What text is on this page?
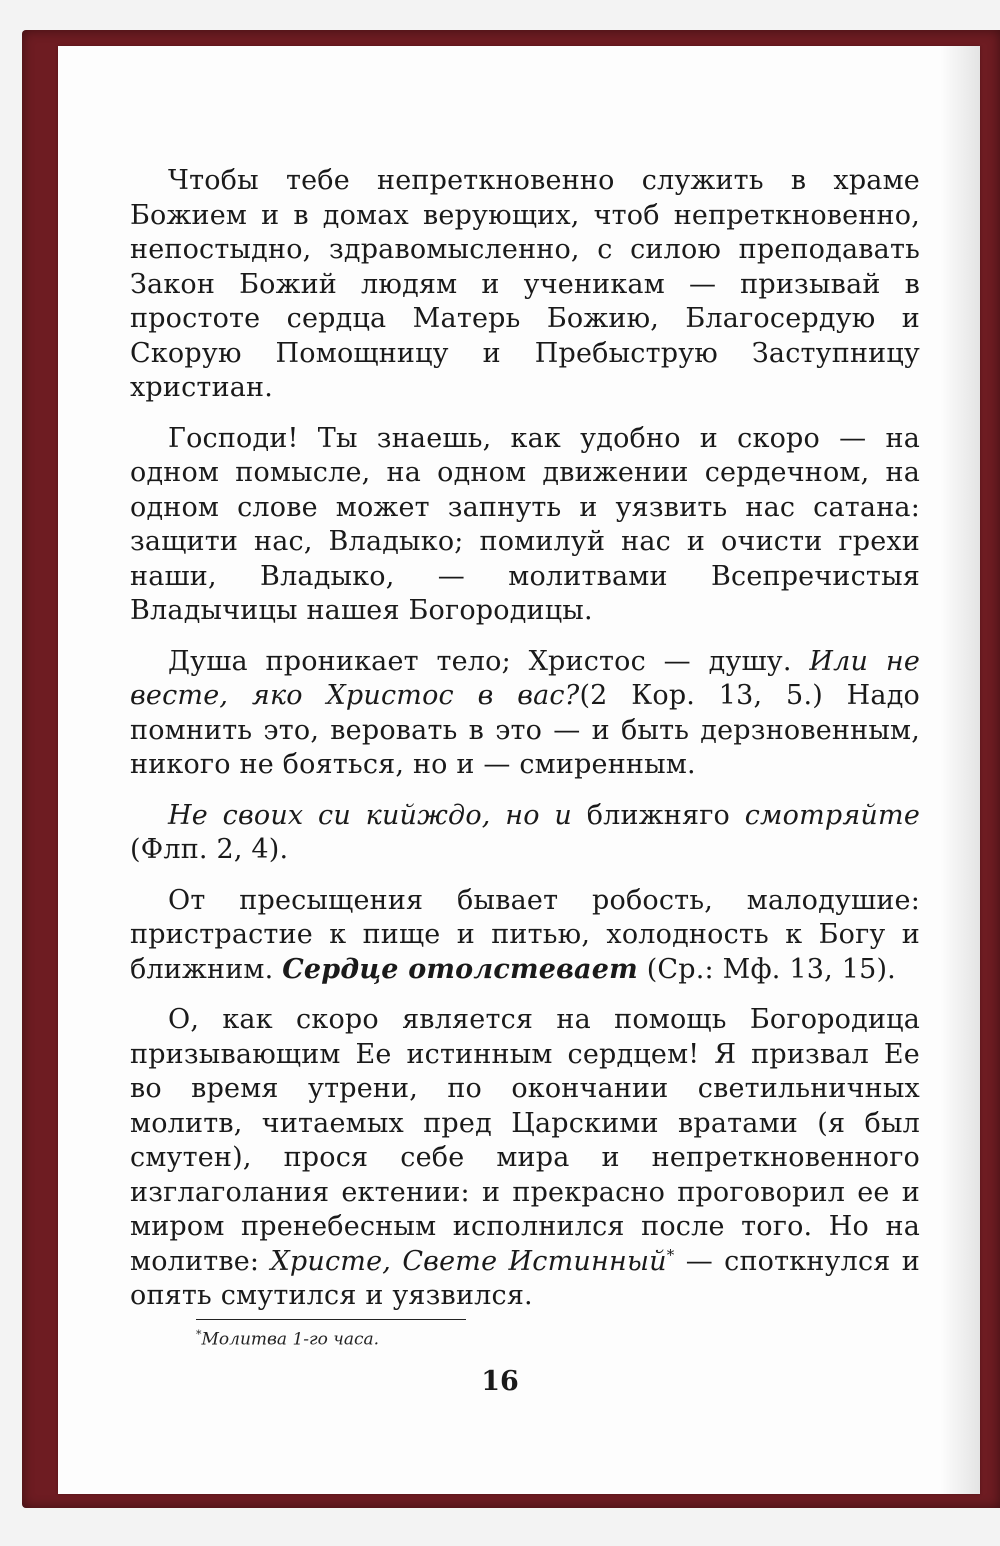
Чтобы тебе непреткновенно служить в храме Божием и в домах верующих, чтоб непреткновенно, непостыдно, здравомысленно, с силою преподавать Закон Божий людям и ученикам — призывай в простоте сердца Матерь Божию, Благосердую и Скорую Помощницу и Пребыструю Заступницу христиан.

Господи! Ты знаешь, как удобно и скоро — на одном помысле, на одном движении сердечном, на одном слове может запнуть и уязвить нас сатана: защити нас, Владыко; помилуй нас и очисти грехи наши, Владыко, — молитвами Всепречистыя Владычицы нашея Богородицы.

Душа проникает тело; Христос — душу. Или не весте, яко Христос в вас?(2 Кор. 13, 5.) Надо помнить это, веровать в это — и быть дерзновенным, никого не бояться, но и — смиренным.

Не своих си кийждо, но и ближняго смотряйте (Флп. 2, 4).

От пресыщения бывает робость, малодушие: пристрастие к пище и питью, холодность к Богу и ближним. Сердце отолстевает (Ср.: Мф. 13, 15).

О, как скоро является на помощь Богородица призывающим Ее истинным сердцем! Я призвал Ее во время утрени, по окончании светильничных молитв, читаемых пред Царскими вратами (я был смутен), прося себе мира и непреткновенного изглаголания ектении: и прекрасно проговорил ее и миром пренебесным исполнился после того. Но на молитве: Христе, Свете Истинный* — споткнулся и опять смутился и уязвился.

*Молитва 1-го часа.
16
